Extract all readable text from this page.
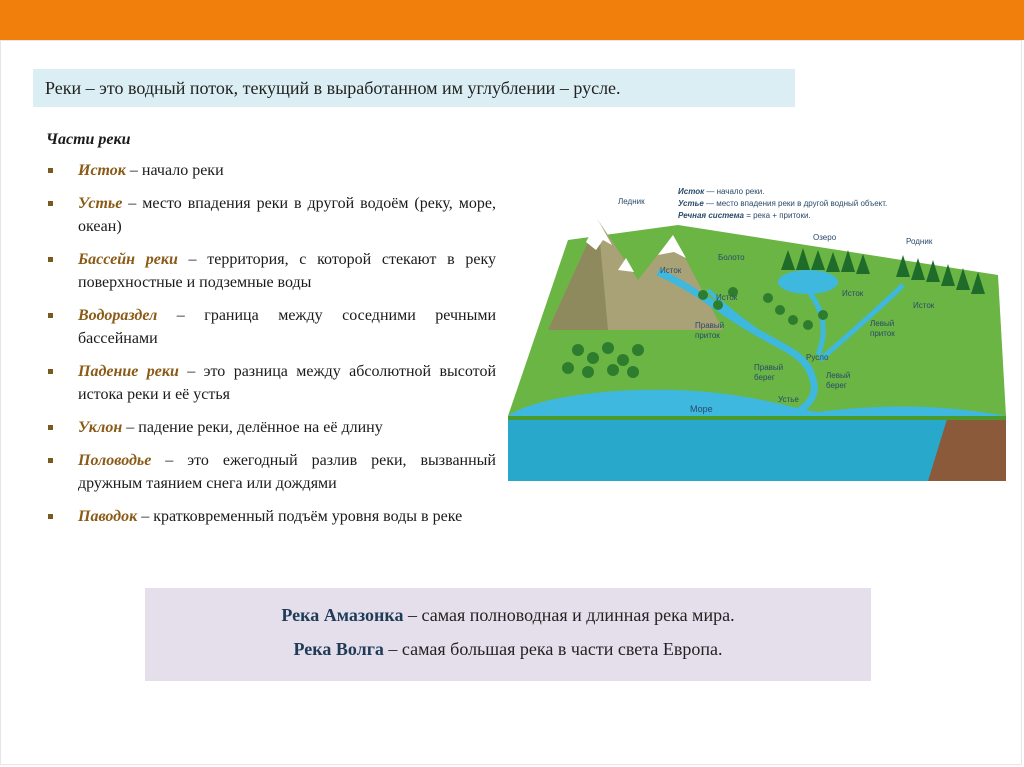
Реки – это водный поток, текущий в выработанном им углублении – русле.
Части реки
Исток – начало реки
Устье – место впадения реки в другой водоём (реку, море, океан)
Бассейн реки – территория, с которой стекают в реку поверхностные и подземные воды
Водораздел – граница между соседними речными бассейнами
Падение реки – это разница между абсолютной высотой истока реки и её устья
Уклон – падение реки, делённое на её длину
Половодье – это ежегодный разлив реки, вызванный дружным таянием снега или дождями
Паводок – кратковременный подъём уровня воды в реке
Исток — начало реки.
Устье — место впадения реки в другой водный объект.
Речная система = река + притоки.
Ледник
Болото
Озеро	Родник
Исток
Исток	Исток
Исток
Правый
приток
Левый
приток
Русло
Правый
берег	Левый
берег
Устье
Море
Река Амазонка – самая полноводная и длинная река мира.
Река Волга – самая большая река в части света Европа.
